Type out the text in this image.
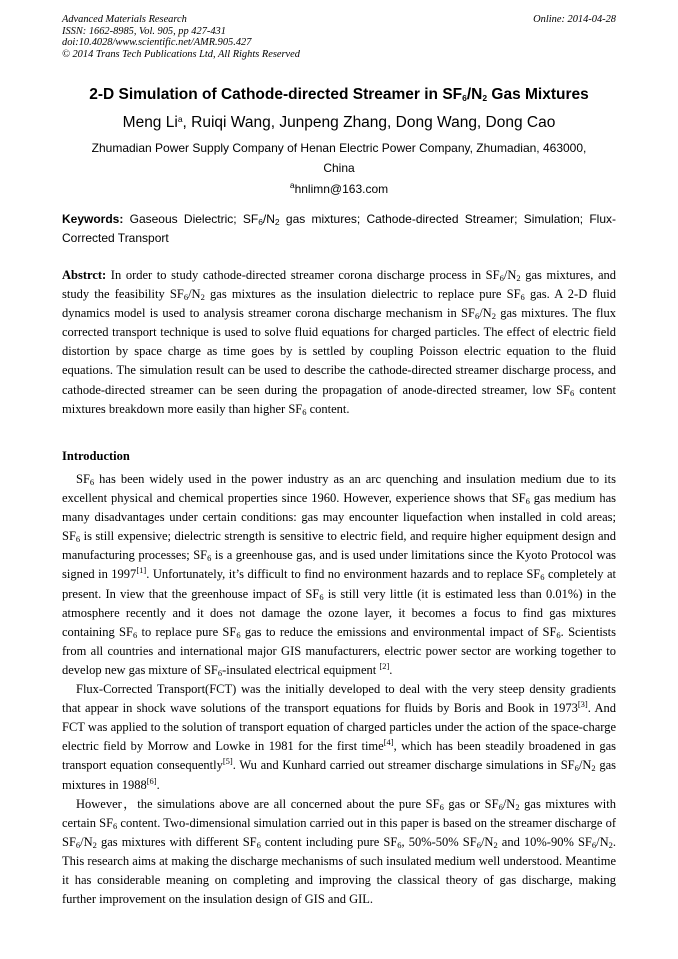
Advanced Materials Research
ISSN: 1662-8985, Vol. 905, pp 427-431
doi:10.4028/www.scientific.net/AMR.905.427
© 2014 Trans Tech Publications Ltd, All Rights Reserved
Online: 2014-04-28
2-D Simulation of Cathode-directed Streamer in $SF_6/N_2$ Gas Mixtures
Meng Li$^a$, Ruiqi Wang, Junpeng Zhang, Dong Wang, Dong Cao
Zhumadian Power Supply Company of Henan Electric Power Company, Zhumadian, 463000, China
$^a$hnlimn@163.com
Keywords: Gaseous Dielectric; $SF_6/N_2$ gas mixtures; Cathode-directed Streamer; Simulation; Flux-Corrected Transport
Abstrct: In order to study cathode-directed streamer corona discharge process in $SF_6/N_2$ gas mixtures, and study the feasibility $SF_6/N_2$ gas mixtures as the insulation dielectric to replace pure $SF_6$ gas. A 2-D fluid dynamics model is used to analysis streamer corona discharge mechanism in $SF_6/N_2$ gas mixtures. The flux corrected transport technique is used to solve fluid equations for charged particles. The effect of electric field distortion by space charge as time goes by is settled by coupling Poisson electric equation to the fluid equations. The simulation result can be used to describe the cathode-directed streamer discharge process, and cathode-directed streamer can be seen during the propagation of anode-directed streamer, low $SF_6$ content mixtures breakdown more easily than higher $SF_6$ content.
Introduction

$SF_6$ has been widely used in the power industry as an arc quenching and insulation medium due to its excellent physical and chemical properties since 1960. However, experience shows that $SF_6$ gas medium has many disadvantages under certain conditions: gas may encounter liquefaction when installed in cold areas; $SF_6$ is still expensive; dielectric strength is sensitive to electric field, and require higher equipment design and manufacturing processes; $SF_6$ is a greenhouse gas, and is used under limitations since the Kyoto Protocol was signed in 1997[1]. Unfortunately, it’s difficult to find no environment hazards and to replace $SF_6$ completely at present. In view that the greenhouse impact of $SF_6$ is still very little (it is estimated less than 0.01%) in the atmosphere recently and it does not damage the ozone layer, it becomes a focus to find gas mixtures containing $SF_6$ to replace pure $SF_6$ gas to reduce the emissions and environmental impact of $SF_6$. Scientists from all countries and international major GIS manufacturers, electric power sector are working together to develop new gas mixture of $SF_6$-insulated electrical equipment [2].

Flux-Corrected Transport(FCT) was the initially developed to deal with the very steep density gradients that appear in shock wave solutions of the transport equations for fluids by Boris and Book in 1973[3]. And FCT was applied to the solution of transport equation of charged particles under the action of the space-charge electric field by Morrow and Lowke in 1981 for the first time[4], which has been steadily broadened in gas transport equation consequently[5]. Wu and Kunhard carried out streamer discharge simulations in $SF_6/N_2$ gas mixtures in 1988[6].

However，the simulations above are all concerned about the pure $SF_6$ gas or $SF_6/N_2$ gas mixtures with certain $SF_6$ content. Two-dimensional simulation carried out in this paper is based on the streamer discharge of $SF_6/N_2$ gas mixtures with different $SF_6$ content including pure $SF_6$, 50%-50% $SF_6/N_2$ and 10%-90% $SF_6/N_2$. This research aims at making the discharge mechanisms of such insulated medium well understood. Meantime it has considerable meaning on completing and improving the classical theory of gas discharge, making further improvement on the insulation design of GIS and GIL.
